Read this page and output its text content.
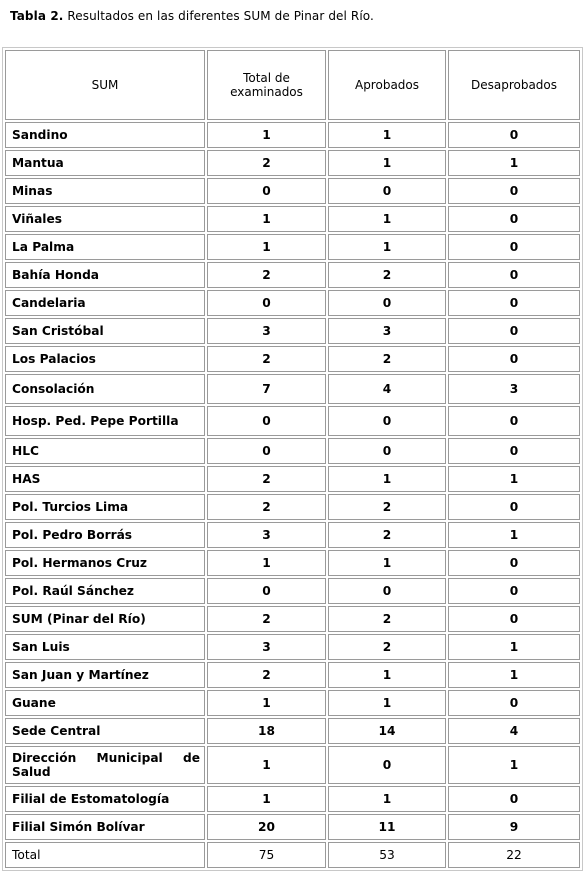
Tabla 2. Resultados en las diferentes SUM de Pinar del Río.
SUM	Total de examinados	Aprobados	Desaprobados
Sandino	1	1	0
Mantua	2	1	1
Minas	0	0	0
Viñales	1	1	0
La Palma	1	1	0
Bahía Honda	2	2	0
Candelaria	0	0	0
San Cristóbal	3	3	0
Los Palacios	2	2	0
Consolación	7	4	3
Hosp. Ped. Pepe Portilla	0	0	0
HLC	0	0	0
HAS	2	1	1
Pol. Turcios Lima	2	2	0
Pol. Pedro Borrás	3	2	1
Pol. Hermanos Cruz	1	1	0
Pol. Raúl Sánchez	0	0	0
SUM (Pinar del Río)	2	2	0
San Luis	3	2	1
San Juan y Martínez	2	1	1
Guane	1	1	0
Sede Central	18	14	4
Dirección Municipal de Salud	1	0	1
Filial de Estomatología	1	1	0
Filial Simón Bolívar	20	11	9
Total	75	53	22
